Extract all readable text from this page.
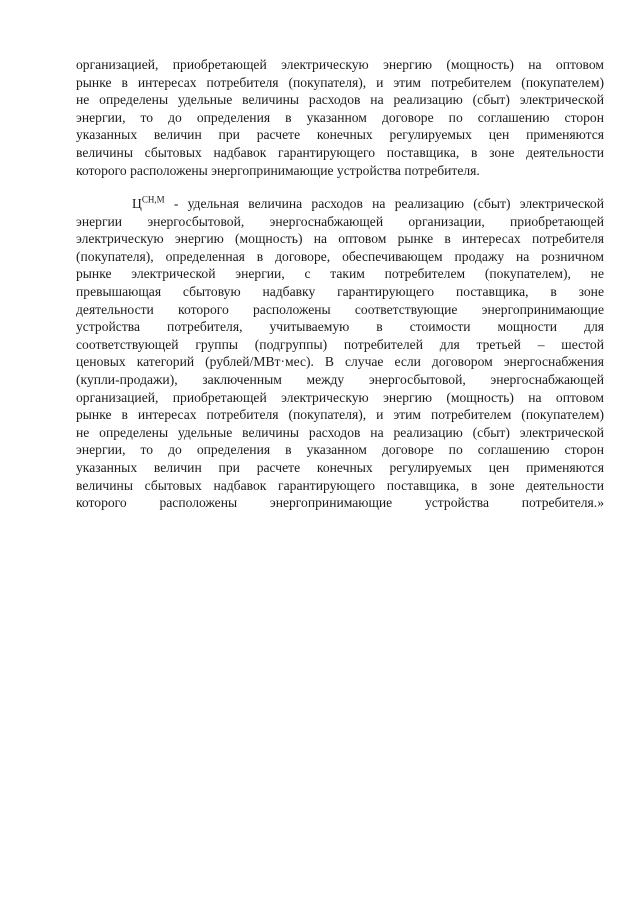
организацией, приобретающей электрическую энергию (мощность) на оптовом
рынке в интересах потребителя (покупателя), и этим потребителем (покупателем)
не определены удельные величины расходов на реализацию (сбыт) электрической
энергии, то до определения в указанном договоре по соглашению сторон
указанных величин при расчете конечных регулируемых цен применяются
величины сбытовых надбавок гарантирующего поставщика, в зоне деятельности
которого расположены энергопринимающие устройства потребителя.
$Ц^{СН,М}$ - удельная величина расходов на реализацию (сбыт) электрической
энергии энергосбытовой, энергоснабжающей организации, приобретающей
электрическую энергию (мощность) на оптовом рынке в интересах потребителя
(покупателя), определенная в договоре, обеспечивающем продажу на розничном
рынке электрической энергии, с таким потребителем (покупателем), не
превышающая сбытовую надбавку гарантирующего поставщика, в зоне
деятельности которого расположены соответствующие энергопринимающие
устройства потребителя, учитываемую в стоимости мощности для
соответствующей группы (подгруппы) потребителей для третьей – шестой
ценовых категорий (рублей/МВт·мес). В случае если договором энергоснабжения
(купли-продажи), заключенным между энергосбытовой, энергоснабжающей
организацией, приобретающей электрическую энергию (мощность) на оптовом
рынке в интересах потребителя (покупателя), и этим потребителем (покупателем)
не определены удельные величины расходов на реализацию (сбыт) электрической
энергии, то до определения в указанном договоре по соглашению сторон
указанных величин при расчете конечных регулируемых цен применяются
величины сбытовых надбавок гарантирующего поставщика, в зоне деятельности
которого расположены энергопринимающие устройства потребителя.»
